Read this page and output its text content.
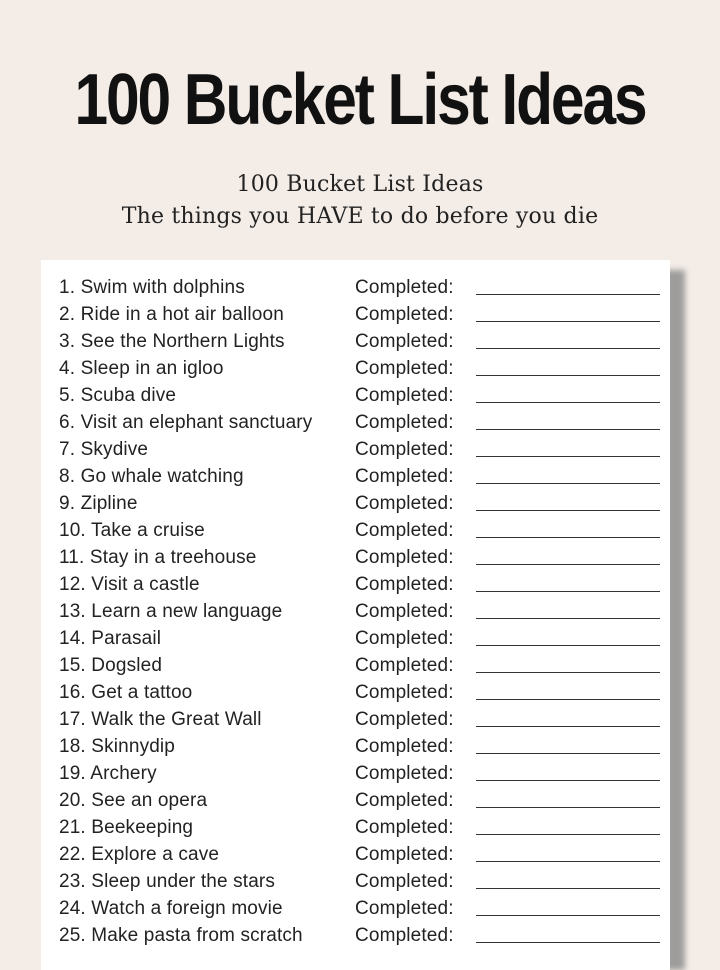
100 Bucket List Ideas
100 Bucket List Ideas
The things you HAVE to do before you die
1. Swim with dolphins	Completed:
2. Ride in a hot air balloon	Completed:
3. See the Northern Lights	Completed:
4. Sleep in an igloo	Completed:
5. Scuba dive	Completed:
6. Visit an elephant sanctuary	Completed:
7. Skydive	Completed:
8. Go whale watching	Completed:
9. Zipline	Completed:
10. Take a cruise	Completed:
11. Stay in a treehouse	Completed:
12. Visit a castle	Completed:
13. Learn a new language	Completed:
14. Parasail	Completed:
15. Dogsled	Completed:
16. Get a tattoo	Completed:
17. Walk the Great Wall	Completed:
18. Skinnydip	Completed:
19. Archery	Completed:
20. See an opera	Completed:
21. Beekeeping	Completed:
22. Explore a cave	Completed:
23. Sleep under the stars	Completed:
24. Watch a foreign movie	Completed:
25. Make pasta from scratch	Completed:
